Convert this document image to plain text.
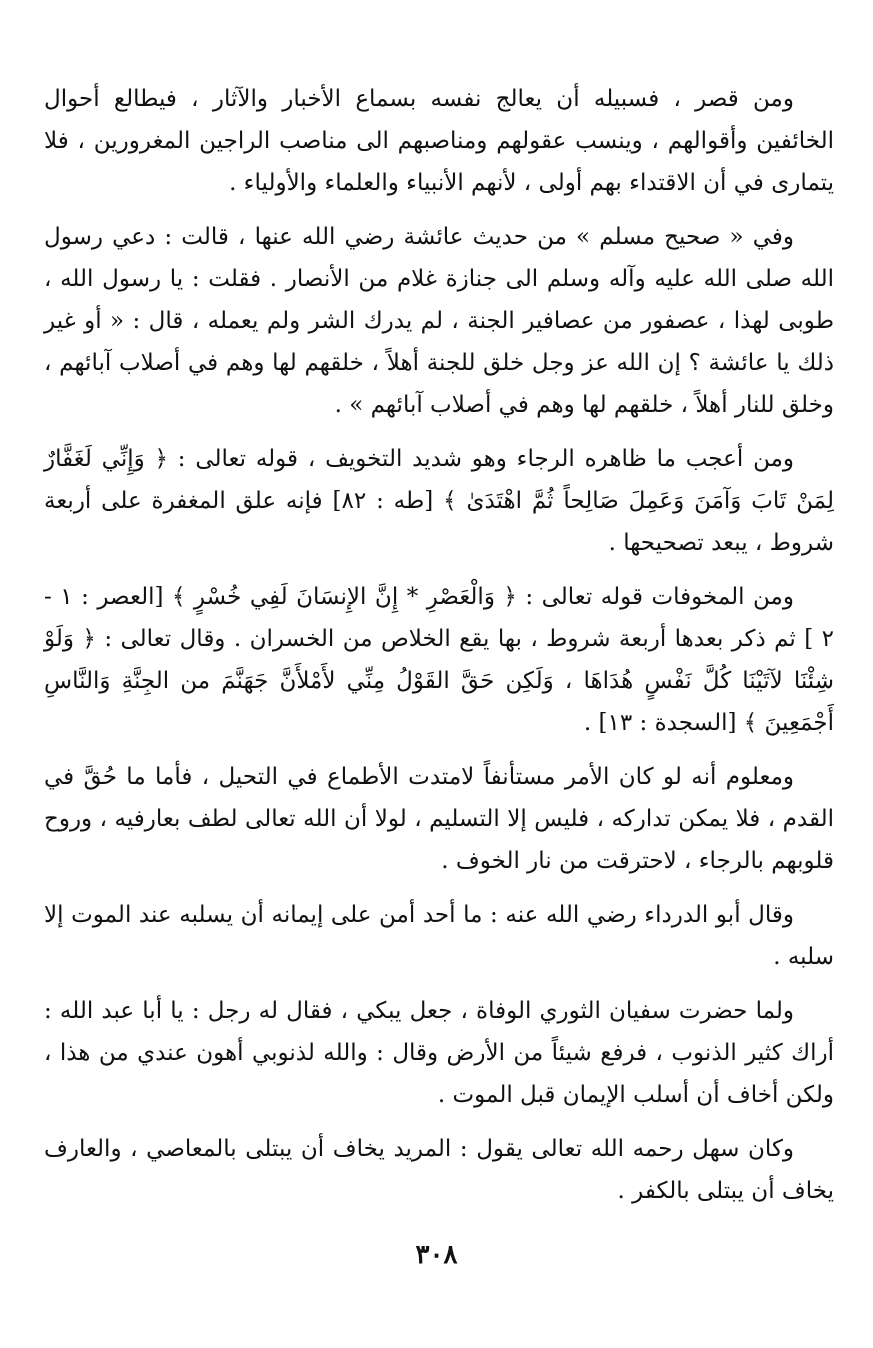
ومن قصر ، فسبيله أن يعالج نفسه بسماع الأخبار والآثار ، فيطالع أحوال الخائفين وأقوالهم ، وينسب عقولهم ومناصبهم الى مناصب الراجين المغرورين ، فلا يتمارى في أن الاقتداء بهم أولى ، لأنهم الأنبياء والعلماء والأولياء .

وفي « صحيح مسلم » من حديث عائشة رضي الله عنها ، قالت : دعي رسول الله صلى الله عليه وآله وسلم الى جنازة غلام من الأنصار . فقلت : يا رسول الله ، طوبى لهذا ، عصفور من عصافير الجنة ، لم يدرك الشر ولم يعمله ، قال : « أو غير ذلك يا عائشة ؟ إن الله عز وجل خلق للجنة أهلاً ، خلقهم لها وهم في أصلاب آبائهم ، وخلق للنار أهلاً ، خلقهم لها وهم في أصلاب آبائهم » .

ومن أعجب ما ظاهره الرجاء وهو شديد التخويف ، قوله تعالى : ﴿ وَإِنِّي لَغَفَّارٌ لِمَنْ تَابَ وَآمَنَ وَعَمِلَ صَالِحاً ثُمَّ اهْتَدَىٰ ﴾ [طه : ٨٢] فإنه علق المغفرة على أربعة شروط ، يبعد تصحيحها .

ومن المخوفات قوله تعالى : ﴿ وَالْعَصْرِ * إِنَّ الإِنسَانَ لَفِي خُسْرٍ ﴾ [العصر : ١ - ٢ ] ثم ذكر بعدها أربعة شروط ، بها يقع الخلاص من الخسران . وقال تعالى : ﴿ وَلَوْ شِئْنَا لآتَيْنَا كُلَّ نَفْسٍ هُدَاهَا ، وَلَكِن حَقَّ القَوْلُ مِنِّي لأَمْلأَنَّ جَهَنَّمَ من الجِنَّةِ وَالنَّاسِ أَجْمَعِينَ ﴾ [السجدة : ١٣] .

ومعلوم أنه لو كان الأمر مستأنفاً لامتدت الأطماع في التحيل ، فأما ما حُقَّ في القدم ، فلا يمكن تداركه ، فليس إلا التسليم ، لولا أن الله تعالى لطف بعارفيه ، وروح قلوبهم بالرجاء ، لاحترقت من نار الخوف .

وقال أبو الدرداء رضي الله عنه : ما أحد أمن على إيمانه أن يسلبه عند الموت إلا سلبه .

ولما حضرت سفيان الثوري الوفاة ، جعل يبكي ، فقال له رجل : يا أبا عبد الله : أراك كثير الذنوب ، فرفع شيئاً من الأرض وقال : والله لذنوبي أهون عندي من هذا ، ولكن أخاف أن أسلب الإيمان قبل الموت .

وكان سهل رحمه الله تعالى يقول : المريد يخاف أن يبتلى بالمعاصي ، والعارف يخاف أن يبتلى بالكفر .

٣٠٨
